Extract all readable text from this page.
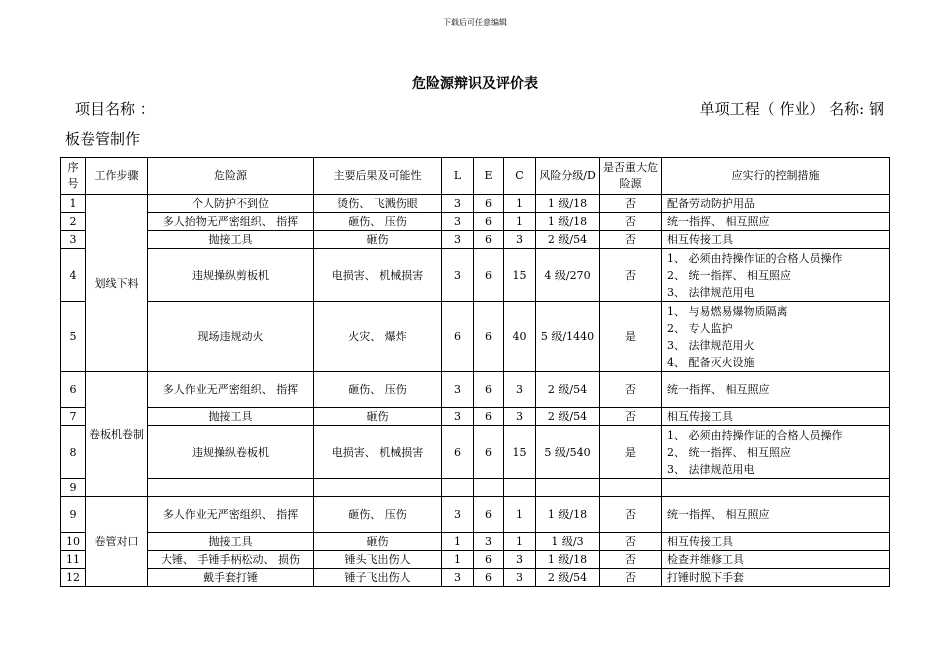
下载后可任意编辑
危险源辩识及评价表
项目名称 ：	单项工程（ 作业） 名称: 钢
板卷管制作
序号	工作步骤	危险源	主要后果及可能性	L	E	C	风险分级/D	是否重大危险源	应实行的控制措施
1	划线下料	个人防护不到位	烫伤、 飞溅伤眼	3	6	1	1 级/18	否	配备劳动防护用品

2		多人抬物无严密组织、 指挥	砸伤、 压伤	3	6	1	1 级/18	否	统一指挥、 相互照应

3		抛接工具	砸伤	3	6	3	2 级/54	否	相互传接工具

4		违规操纵剪板机	电损害、 机械损害	3	6	15	4 级/270	否	1、 必须由持操作证的合格人员操作
2、 统一指挥、 相互照应
3、 法律规范用电

5		现场违规动火	火灾、 爆炸	6	6	40	5 级/1440	是	1、 与易燃易爆物质隔离
2、 专人监护
3、 法律规范用火
4、 配备灭火设施

6	卷板机卷制	多人作业无严密组织、 指挥	砸伤、 压伤	3	6	3	2 级/54	否	统一指挥、 相互照应

7		抛接工具	砸伤	3	6	3	2 级/54	否	相互传接工具

8		违规操纵卷板机	电损害、 机械损害	6	6	15	5 级/540	是	1、 必须由持操作证的合格人员操作
2、 统一指挥、 相互照应
3、 法律规范用电

9									

9	卷管对口	多人作业无严密组织、 指挥	砸伤、 压伤	3	6	1	1 级/18	否	统一指挥、 相互照应

10		抛接工具	砸伤	1	3	1	1 级/3	否	相互传接工具

11		大锤、 手锤手柄松动、 损伤	锤头飞出伤人	1	6	3	1 级/18	否	检查并维修工具

12		戴手套打锤	锤子飞出伤人	3	6	3	2 级/54	否	打锤时脱下手套
